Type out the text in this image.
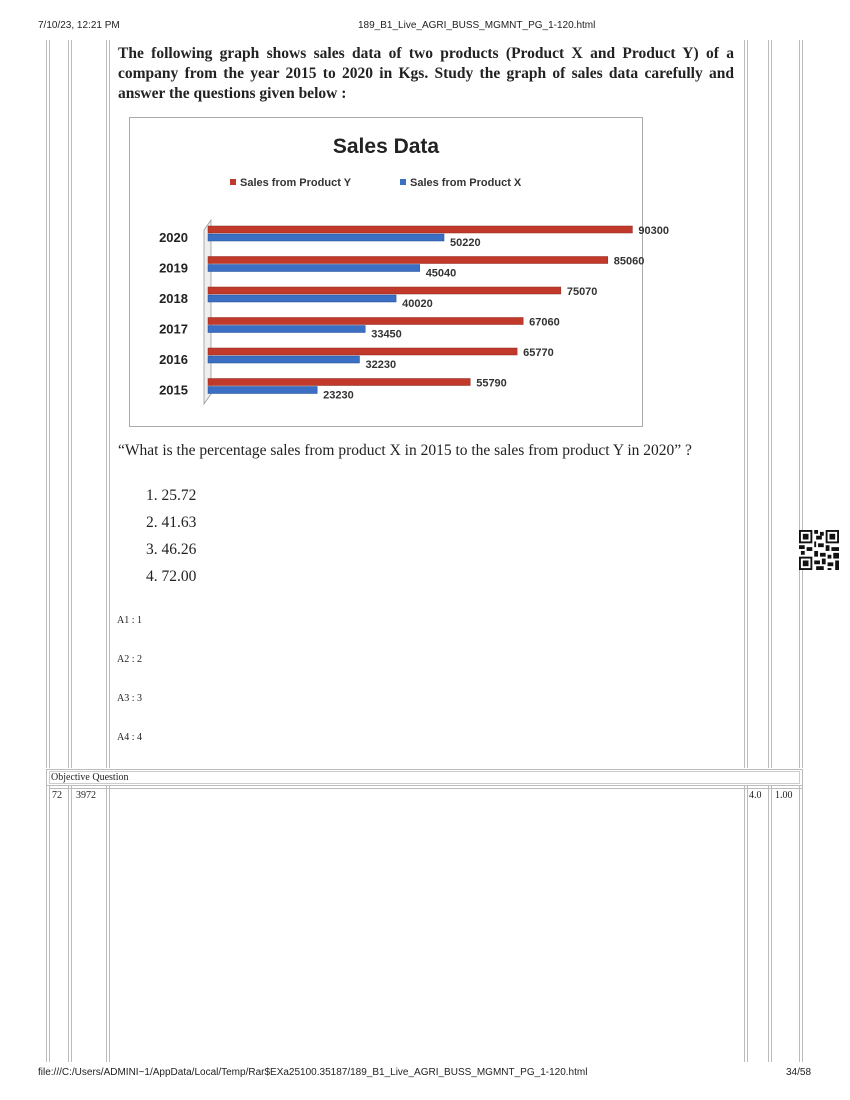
7/10/23, 12:21 PM	189_B1_Live_AGRI_BUSS_MGMNT_PG_1-120.html
The following graph shows sales data of two products (Product X and Product Y) of a company from the year 2015 to 2020 in Kgs. Study the graph of sales data carefully and answer the questions given below :
Sales Data
Sales from Product Y	Sales from Product X
2015
2016
2017
2018
2019
2020
55790
23230
65770
32230
67060
33450
75070
40020
85060
45040
90300
50220
“What is the percentage sales from product X in 2015 to the sales from product Y in 2020” ?
1. 25.72
2. 41.63
3. 46.26
4. 72.00
A1 : 1
A2 : 2
A3 : 3
A4 : 4
Objective Question
72 3972	4.0 1.00
file:///C:/Users/ADMINI~1/AppData/Local/Temp/Rar$EXa25100.35187/189_B1_Live_AGRI_BUSS_MGMNT_PG_1-120.html	34/58
